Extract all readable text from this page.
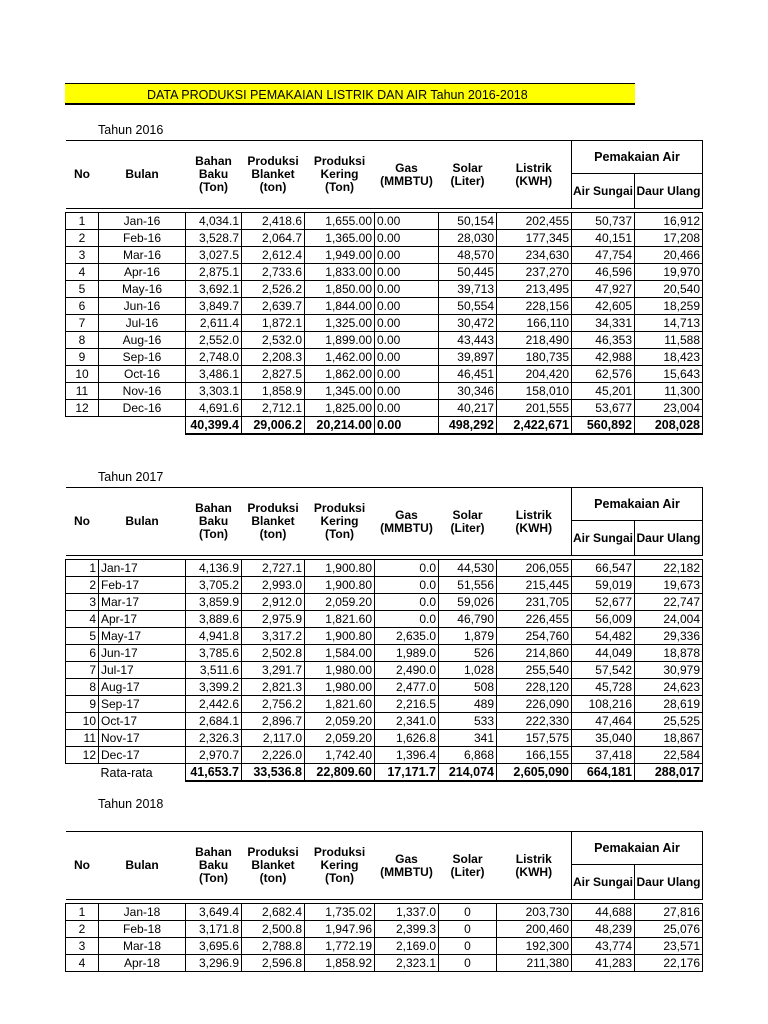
DATA PRODUKSI PEMAKAIAN LISTRIK DAN AIR Tahun 2016-2018
Tahun 2016
No	Bulan	Bahan Baku (Ton)	Produksi Blanket (ton)	Produksi Kering (Ton)	Gas (MMBTU)	Solar (Liter)	Listrik (KWH)	Pemakaian Air	
								Air Sungai	Daur Ulang

1	Jan-16	4,034.1	2,418.6	1,655.00	0.00	50,154	202,455	50,737	16,912
2	Feb-16	3,528.7	2,064.7	1,365.00	0.00	28,030	177,345	40,151	17,208
3	Mar-16	3,027.5	2,612.4	1,949.00	0.00	48,570	234,630	47,754	20,466
4	Apr-16	2,875.1	2,733.6	1,833.00	0.00	50,445	237,270	46,596	19,970
5	May-16	3,692.1	2,526.2	1,850.00	0.00	39,713	213,495	47,927	20,540
6	Jun-16	3,849.7	2,639.7	1,844.00	0.00	50,554	228,156	42,605	18,259
7	Jul-16	2,611.4	1,872.1	1,325.00	0.00	30,472	166,110	34,331	14,713
8	Aug-16	2,552.0	2,532.0	1,899.00	0.00	43,443	218,490	46,353	11,588
9	Sep-16	2,748.0	2,208.3	1,462.00	0.00	39,897	180,735	42,988	18,423
10	Oct-16	3,486.1	2,827.5	1,862.00	0.00	46,451	204,420	62,576	15,643
11	Nov-16	3,303.1	1,858.9	1,345.00	0.00	30,346	158,010	45,201	11,300
12	Dec-16	4,691.6	2,712.1	1,825.00	0.00	40,217	201,555	53,677	23,004
		40,399.4	29,006.2	20,214.00	0.00	498,292	2,422,671	560,892	208,028
Tahun 2017
No	Bulan	Bahan Baku (Ton)	Produksi Blanket (ton)	Produksi Kering (Ton)	Gas (MMBTU)	Solar (Liter)	Listrik (KWH)	Pemakaian Air	
								Air Sungai	Daur Ulang

1	Jan-17	4,136.9	2,727.1	1,900.80	0.0	44,530	206,055	66,547	22,182
2	Feb-17	3,705.2	2,993.0	1,900.80	0.0	51,556	215,445	59,019	19,673
3	Mar-17	3,859.9	2,912.0	2,059.20	0.0	59,026	231,705	52,677	22,747
4	Apr-17	3,889.6	2,975.9	1,821.60	0.0	46,790	226,455	56,009	24,004
5	May-17	4,941.8	3,317.2	1,900.80	2,635.0	1,879	254,760	54,482	29,336
6	Jun-17	3,785.6	2,502.8	1,584.00	1,989.0	526	214,860	44,049	18,878
7	Jul-17	3,511.6	3,291.7	1,980.00	2,490.0	1,028	255,540	57,542	30,979
8	Aug-17	3,399.2	2,821.3	1,980.00	2,477.0	508	228,120	45,728	24,623
9	Sep-17	2,442.6	2,756.2	1,821.60	2,216.5	489	226,090	108,216	28,619
10	Oct-17	2,684.1	2,896.7	2,059.20	2,341.0	533	222,330	47,464	25,525
11	Nov-17	2,326.3	2,117.0	2,059.20	1,626.8	341	157,575	35,040	18,867
12	Dec-17	2,970.7	2,226.0	1,742.40	1,396.4	6,868	166,155	37,418	22,584
	Rata-rata	41,653.7	33,536.8	22,809.60	17,171.7	214,074	2,605,090	664,181	288,017
Tahun 2018
No	Bulan	Bahan Baku (Ton)	Produksi Blanket (ton)	Produksi Kering (Ton)	Gas (MMBTU)	Solar (Liter)	Listrik (KWH)	Pemakaian Air	
								Air Sungai	Daur Ulang

1	Jan-18	3,649.4	2,682.4	1,735.02	1,337.0	0	203,730	44,688	27,816
2	Feb-18	3,171.8	2,500.8	1,947.96	2,399.3	0	200,460	48,239	25,076
3	Mar-18	3,695.6	2,788.8	1,772.19	2,169.0	0	192,300	43,774	23,571
4	Apr-18	3,296.9	2,596.8	1,858.92	2,323.1	0	211,380	41,283	22,176
